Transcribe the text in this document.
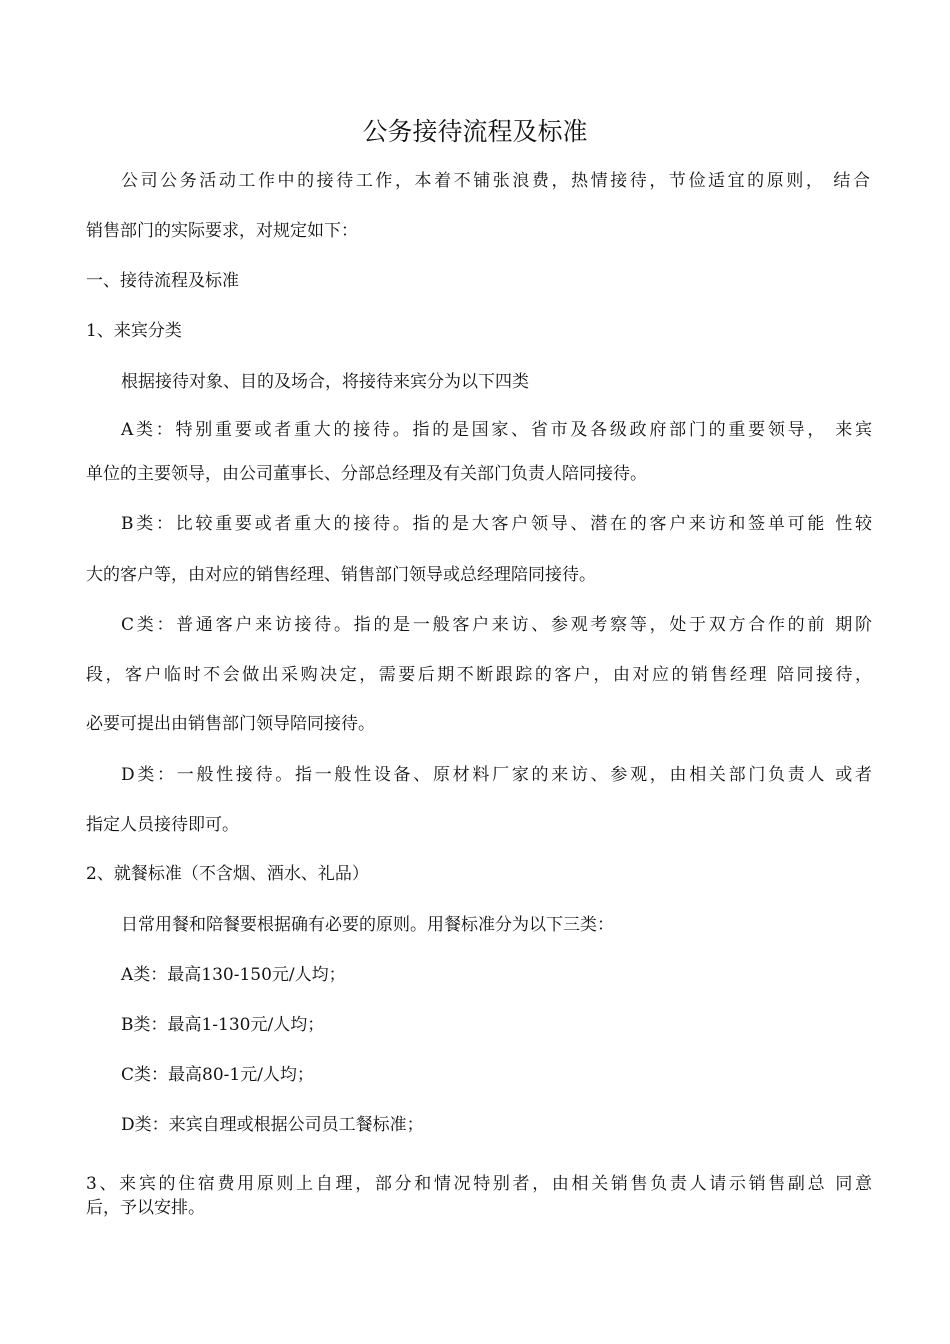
公务接待流程及标准
公司公务活动工作中的接待工作，本着不铺张浪费，热情接待，节俭适宜的原则， 结合
销售部门的实际要求，对规定如下：
一、接待流程及标准
1、来宾分类
根据接待对象、目的及场合，将接待来宾分为以下四类
A类：特别重要或者重大的接待。指的是国家、省市及各级政府部门的重要领导， 来宾
单位的主要领导，由公司董事长、分部总经理及有关部门负责人陪同接待。
B类：比较重要或者重大的接待。指的是大客户领导、潜在的客户来访和签单可能 性较
大的客户等，由对应的销售经理、销售部门领导或总经理陪同接待。
C类：普通客户来访接待。指的是一般客户来访、参观考察等，处于双方合作的前 期阶
段，客户临时不会做出采购决定，需要后期不断跟踪的客户，由对应的销售经理 陪同接待，
必要可提出由销售部门领导陪同接待。
D类：一般性接待。指一般性设备、原材料厂家的来访、参观，由相关部门负责人 或者
指定人员接待即可。
2、就餐标准（不含烟、酒水、礼品）
日常用餐和陪餐要根据确有必要的原则。用餐标准分为以下三类：
A类：最高130-150元/人均；
B类：最高1-130元/人均；
C类：最高80-1元/人均；
D类：来宾自理或根据公司员工餐标准；
3、来宾的住宿费用原则上自理，部分和情况特别者，由相关销售负责人请示销售副总 同意
后，予以安排。
